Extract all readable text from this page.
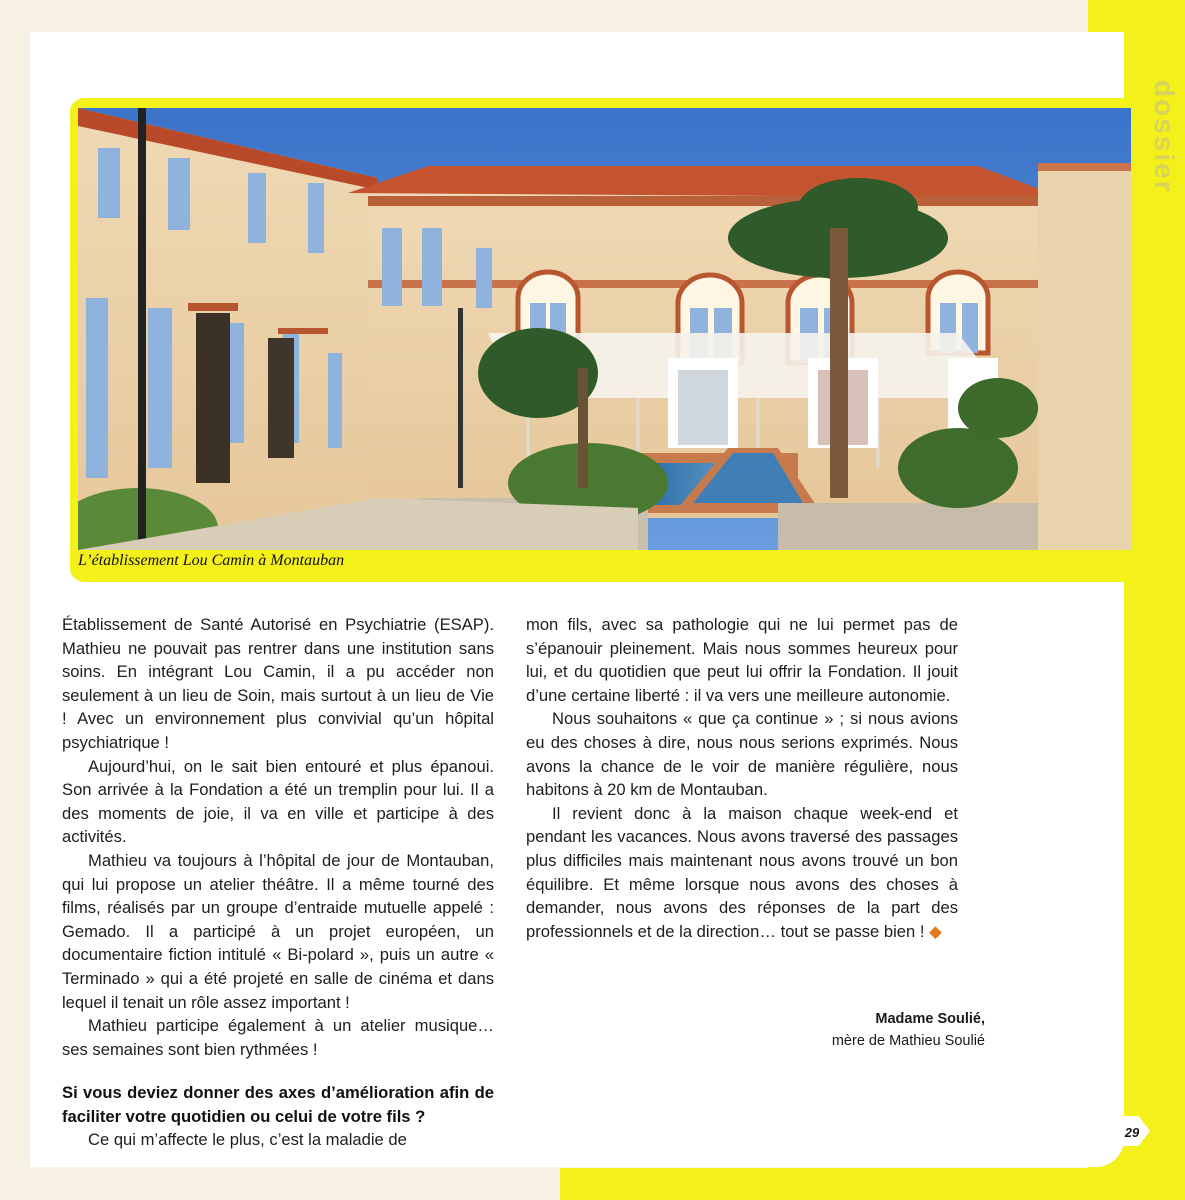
dossier
L’établissement Lou Camin à Montauban

Établissement de Santé Autorisé en Psychiatrie (ESAP). Mathieu ne pouvait pas rentrer dans une institution sans soins. En intégrant Lou Camin, il a pu accéder non seulement à un lieu de Soin, mais surtout à un lieu de Vie ! Avec un environnement plus convivial qu’un hôpital psychiatrique !

Aujourd’hui, on le sait bien entouré et plus épanoui. Son arrivée à la Fondation a été un tremplin pour lui. Il a des moments de joie, il va en ville et participe à des activités.

Mathieu va toujours à l’hôpital de jour de Montauban, qui lui propose un atelier théâtre. Il a même tourné des films, réalisés par un groupe d’entraide mutuelle appelé : Gemado. Il a participé à un projet européen, un documentaire fiction intitulé « Bi-polard », puis un autre « Terminado » qui a été projeté en salle de cinéma et dans lequel il tenait un rôle assez important !

Mathieu participe également à un atelier musique… ses semaines sont bien rythmées !

Si vous deviez donner des axes d’amélioration afin de faciliter votre quotidien ou celui de votre fils ?

Ce qui m’affecte le plus, c’est la maladie de

mon fils, avec sa pathologie qui ne lui permet pas de s’épanouir pleinement. Mais nous sommes heureux pour lui, et du quotidien que peut lui offrir la Fondation. Il jouit d’une certaine liberté : il va vers une meilleure autonomie.

Nous souhaitons « que ça continue » ; si nous avions eu des choses à dire, nous nous serions exprimés. Nous avons la chance de le voir de manière régulière, nous habitons à 20 km de Montauban.

Il revient donc à la maison chaque week-end et pendant les vacances. Nous avons traversé des passages plus difficiles mais maintenant nous avons trouvé un bon équilibre. Et même lorsque nous avons des choses à demander, nous avons des réponses de la part des professionnels et de la direction… tout se passe bien ! ◆

Madame Soulié,
mère de Mathieu Soulié
29
